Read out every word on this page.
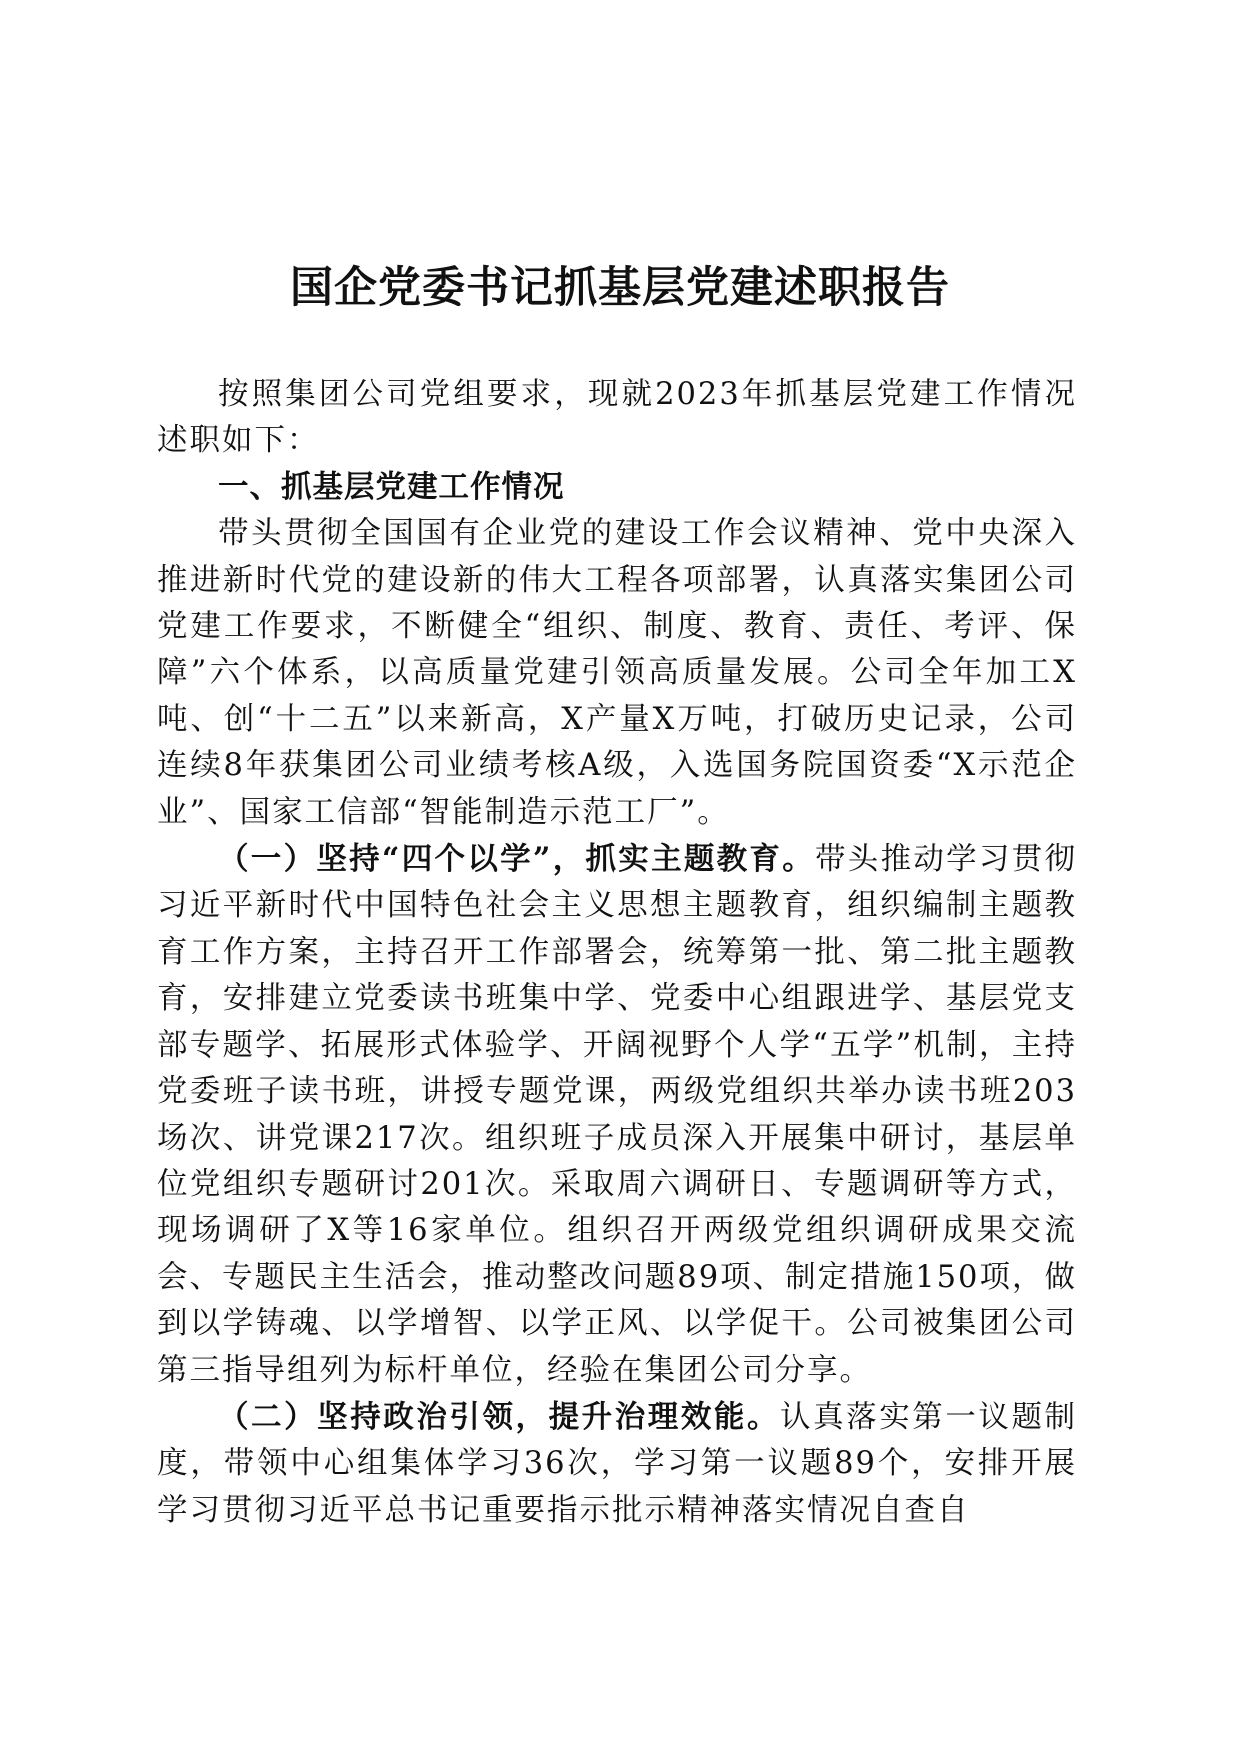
国企党委书记抓基层党建述职报告

按照集团公司党组要求，现就2023年抓基层党建工作情况述职如下：

一、抓基层党建工作情况

带头贯彻全国国有企业党的建设工作会议精神、党中央深入推进新时代党的建设新的伟大工程各项部署，认真落实集团公司党建工作要求，不断健全“组织、制度、教育、责任、考评、保障”六个体系，以高质量党建引领高质量发展。公司全年加工X吨、创“十二五”以来新高，X产量X万吨，打破历史记录，公司连续8年获集团公司业绩考核A级，入选国务院国资委“X示范企业”、国家工信部“智能制造示范工厂”。

（一）坚持“四个以学”，抓实主题教育。带头推动学习贯彻习近平新时代中国特色社会主义思想主题教育，组织编制主题教育工作方案，主持召开工作部署会，统筹第一批、第二批主题教育，安排建立党委读书班集中学、党委中心组跟进学、基层党支部专题学、拓展形式体验学、开阔视野个人学“五学”机制，主持党委班子读书班，讲授专题党课，两级党组织共举办读书班203场次、讲党课217次。组织班子成员深入开展集中研讨，基层单位党组织专题研讨201次。采取周六调研日、专题调研等方式，现场调研了X等16家单位。组织召开两级党组织调研成果交流会、专题民主生活会，推动整改问题89项、制定措施150项，做到以学铸魂、以学增智、以学正风、以学促干。公司被集团公司第三指导组列为标杆单位，经验在集团公司分享。

（二）坚持政治引领，提升治理效能。认真落实第一议题制度，带领中心组集体学习36次，学习第一议题89个，安排开展学习贯彻习近平总书记重要指示批示精神落实情况自查自
